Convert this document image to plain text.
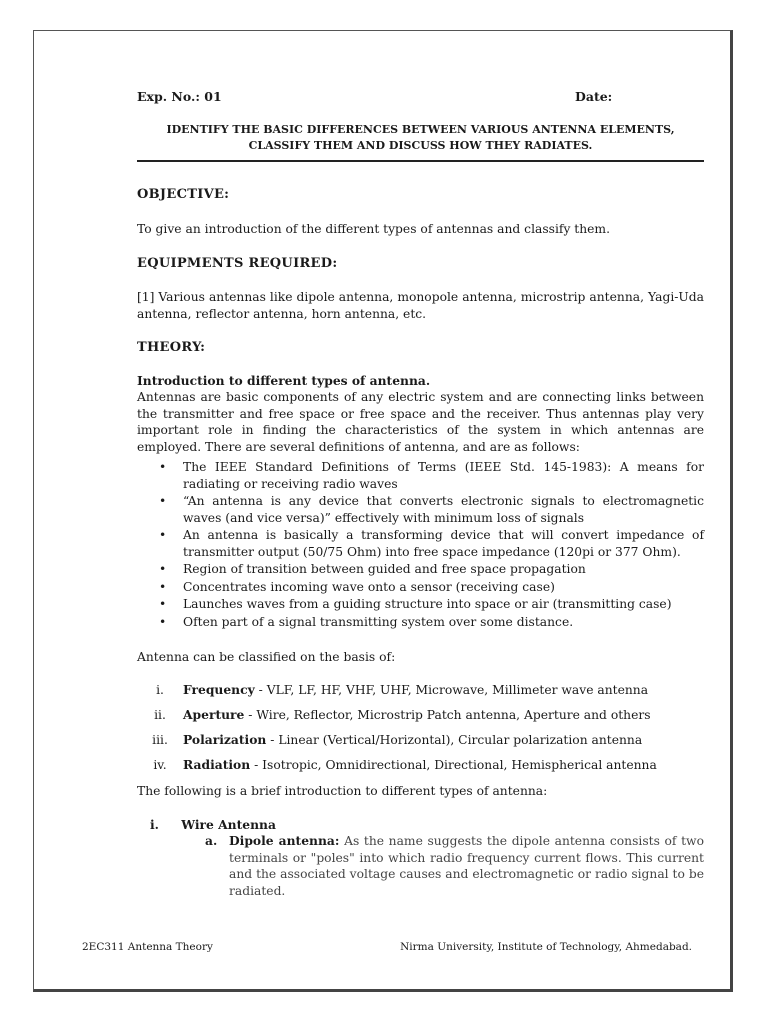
Exp. No.: 01	Date:
IDENTIFY THE BASIC DIFFERENCES BETWEEN VARIOUS ANTENNA ELEMENTS, CLASSIFY THEM AND DISCUSS HOW THEY RADIATES.
OBJECTIVE:
To give an introduction of the different types of antennas and classify them.
EQUIPMENTS REQUIRED:
[1] Various antennas like dipole antenna, monopole antenna, microstrip antenna, Yagi-Uda antenna, reflector antenna, horn antenna, etc.
THEORY:
Introduction to different types of antenna.
Antennas are basic components of any electric system and are connecting links between the transmitter and free space or free space and the receiver. Thus antennas play very important role in finding the characteristics of the system in which antennas are employed. There are several definitions of antenna, and are as follows:
• The IEEE Standard Definitions of Terms (IEEE Std. 145-1983): A means for radiating or receiving radio waves
• “An antenna is any device that converts electronic signals to electromagnetic waves (and vice versa)” effectively with minimum loss of signals
• An antenna is basically a transforming device that will convert impedance of transmitter output (50/75 Ohm) into free space impedance (120pi or 377 Ohm).
• Region of transition between guided and free space propagation
• Concentrates incoming wave onto a sensor (receiving case)
• Launches waves from a guiding structure into space or air (transmitting case)
• Often part of a signal transmitting system over some distance.
Antenna can be classified on the basis of:
i. Frequency - VLF, LF, HF, VHF, UHF, Microwave, Millimeter wave antenna
ii. Aperture - Wire, Reflector, Microstrip Patch antenna, Aperture and others
iii. Polarization - Linear (Vertical/Horizontal), Circular polarization antenna
iv. Radiation - Isotropic, Omnidirectional, Directional, Hemispherical antenna
The following is a brief introduction to different types of antenna:
i. Wire Antenna
a. Dipole antenna: As the name suggests the dipole antenna consists of two terminals or "poles" into which radio frequency current flows. This current and the associated voltage causes and electromagnetic or radio signal to be radiated.
2EC311 Antenna Theory	Nirma University, Institute of Technology, Ahmedabad.
